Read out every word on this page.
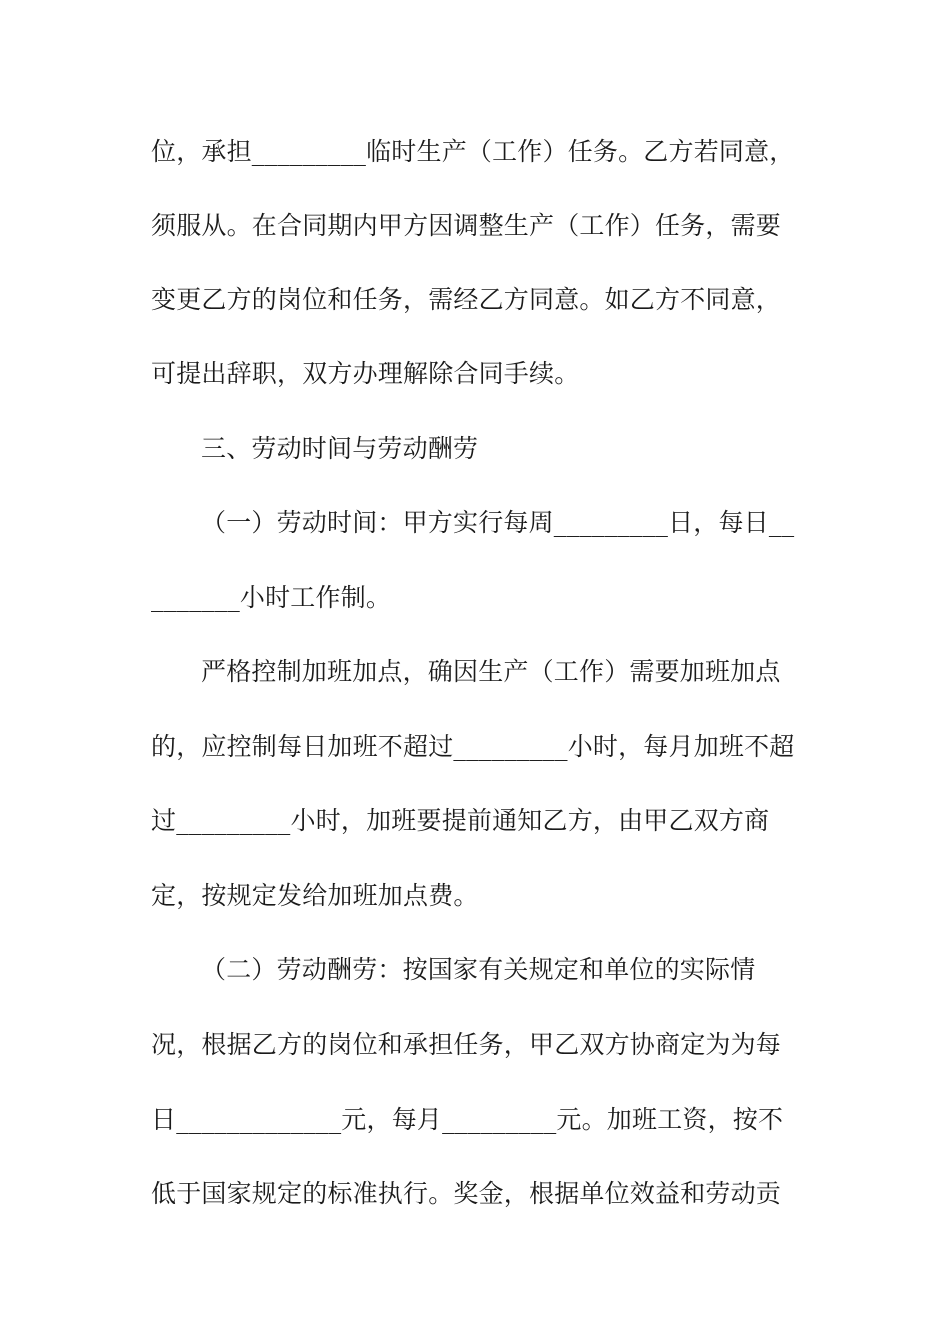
位，承担_________临时生产（工作）任务。乙方若同意，
须服从。在合同期内甲方因调整生产（工作）任务，需要
变更乙方的岗位和任务，需经乙方同意。如乙方不同意，
可提出辞职，双方办理解除合同手续。
三、劳动时间与劳动酬劳
（一）劳动时间：甲方实行每周_________日，每日__
_______小时工作制。
严格控制加班加点，确因生产（工作）需要加班加点
的，应控制每日加班不超过_________小时，每月加班不超
过_________小时，加班要提前通知乙方，由甲乙双方商
定，按规定发给加班加点费。
（二）劳动酬劳：按国家有关规定和单位的实际情
况，根据乙方的岗位和承担任务，甲乙双方协商定为为每
日_____________元，每月_________元。加班工资，按不
低于国家规定的标准执行。奖金，根据单位效益和劳动贡
